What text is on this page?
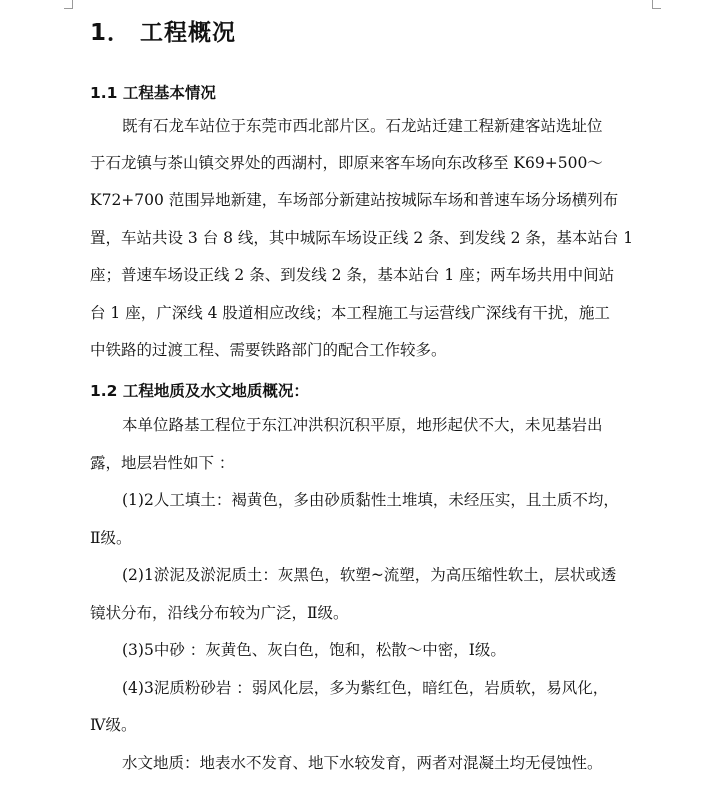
1． 工程概况
1.1 工程基本情况
既有石龙车站位于东莞市西北部片区。石龙站迁建工程新建客站选址位
于石龙镇与茶山镇交界处的西湖村，即原来客车场向东改移至 K69+500～
K72+700 范围异地新建，车场部分新建站按城际车场和普速车场分场横列布
置，车站共设 3 台 8 线，其中城际车场设正线 2 条、到发线 2 条，基本站台 1
座；普速车场设正线 2 条、到发线 2 条，基本站台 1 座；两车场共用中间站
台 1 座，广深线 4 股道相应改线；本工程施工与运营线广深线有干扰，施工
中铁路的过渡工程、需要铁路部门的配合工作较多。
1.2 工程地质及水文地质概况：
本单位路基工程位于东江冲洪积沉积平原，地形起伏不大，未见基岩出
露，地层岩性如下 ：
(1)2人工填土：褐黄色，多由砂质黏性土堆填，未经压实，且土质不均，
Ⅱ级。
(2)1淤泥及淤泥质土：灰黑色，软塑~流塑，为高压缩性软土，层状或透
镜状分布，沿线分布较为广泛，Ⅱ级。
(3)5中砂 ：灰黄色、灰白色，饱和，松散～中密，Ⅰ级。
(4)3泥质粉砂岩 ：弱风化层，多为紫红色，暗红色，岩质软，易风化，
Ⅳ级。
水文地质：地表水不发育、地下水较发育，两者对混凝土均无侵蚀性。
